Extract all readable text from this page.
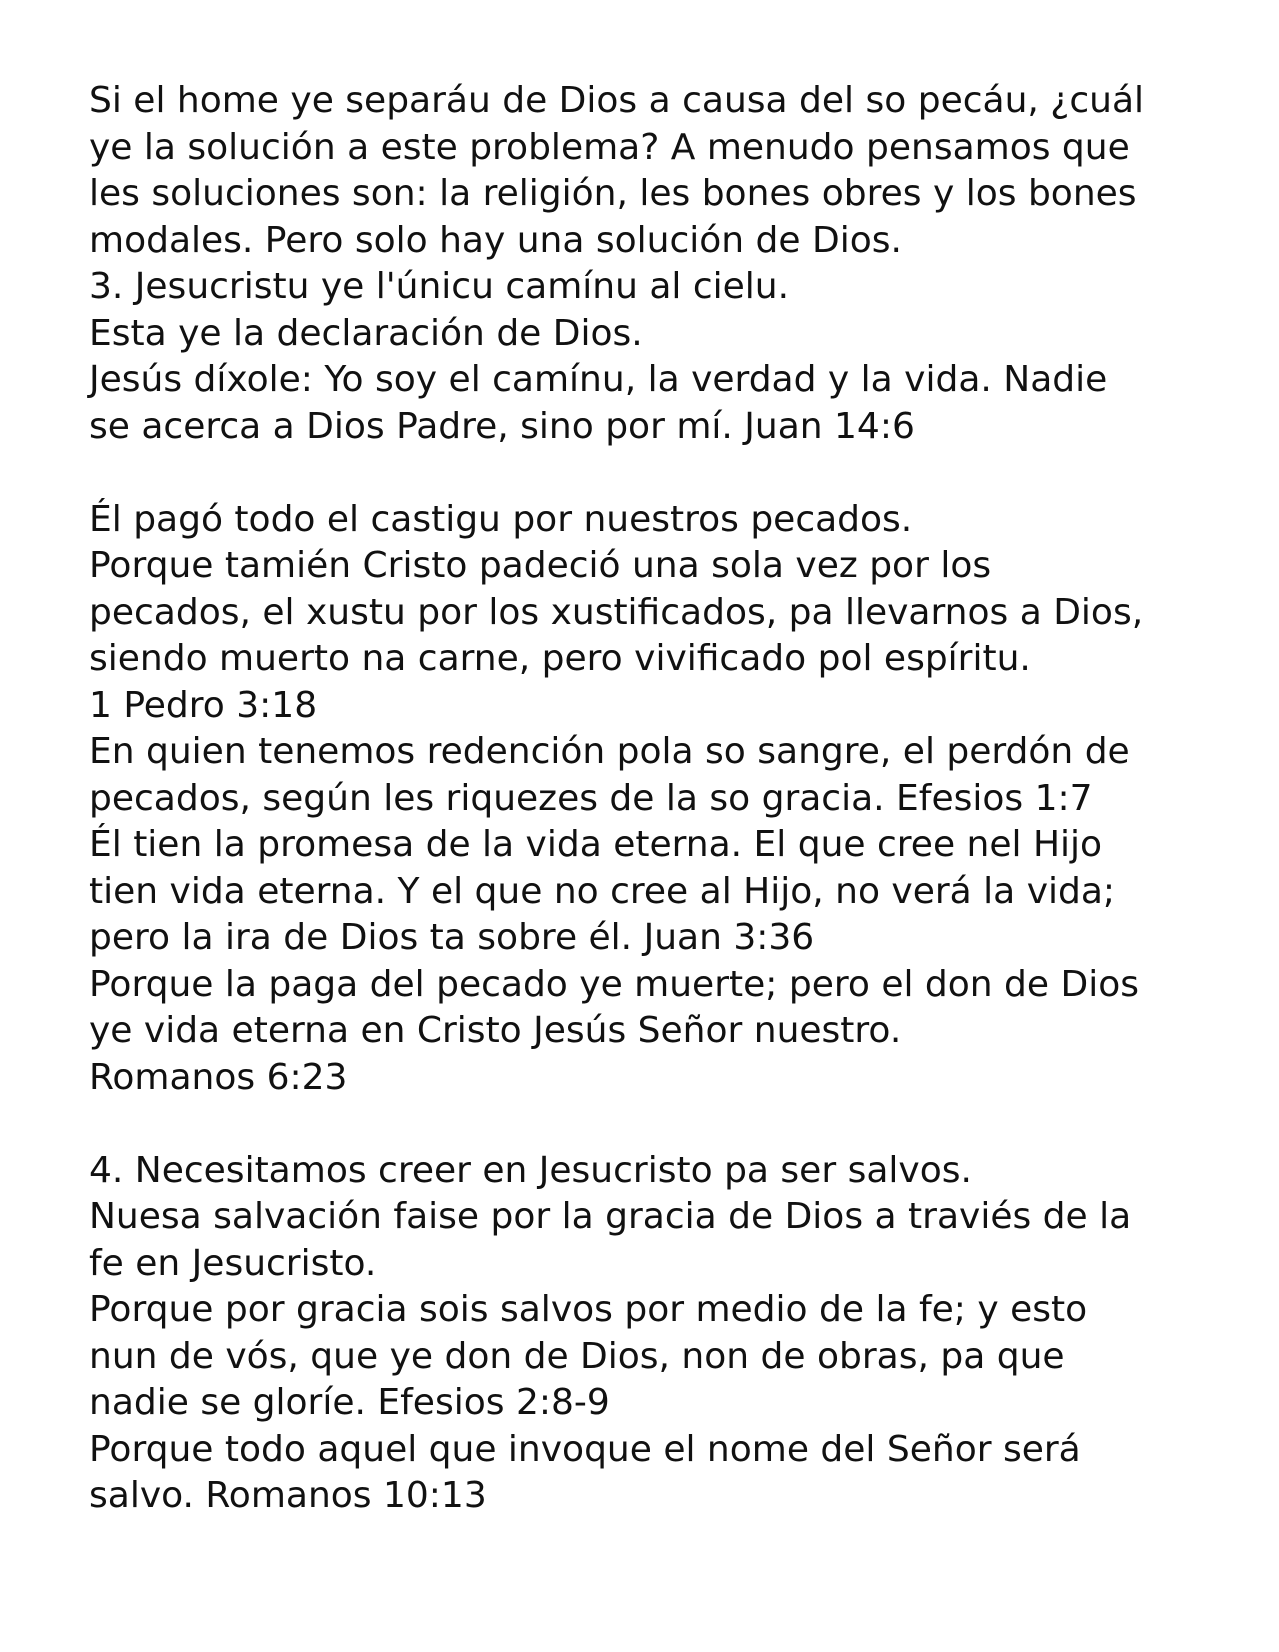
Si el home ye separáu de Dios a causa del so pecáu, ¿cuál
ye la solución a este problema? A menudo pensamos que
les soluciones son: la religión, les bones obres y los bones
modales. Pero solo hay una solución de Dios.
3. Jesucristu ye l'únicu camínu al cielu.
Esta ye la declaración de Dios.
Jesús díxole: Yo soy el camínu, la verdad y la vida. Nadie
se acerca a Dios Padre, sino por mí. Juan 14:6
Él pagó todo el castigu por nuestros pecados.
Porque tamién Cristo padeció una sola vez por los
pecados, el xustu por los xustificados, pa llevarnos a Dios,
siendo muerto na carne, pero vivificado pol espíritu.
1 Pedro 3:18
En quien tenemos redención pola so sangre, el perdón de
pecados, según les riquezes de la so gracia. Efesios 1:7
Él tien la promesa de la vida eterna. El que cree nel Hijo
tien vida eterna. Y el que no cree al Hijo, no verá la vida;
pero la ira de Dios ta sobre él. Juan 3:36
Porque la paga del pecado ye muerte; pero el don de Dios
ye vida eterna en Cristo Jesús Señor nuestro.
Romanos 6:23
4. Necesitamos creer en Jesucristo pa ser salvos.
Nuesa salvación faise por la gracia de Dios a traviés de la
fe en Jesucristo.
Porque por gracia sois salvos por medio de la fe; y esto
nun de vós, que ye don de Dios, non de obras, pa que
nadie se gloríe. Efesios 2:8-9
Porque todo aquel que invoque el nome del Señor será
salvo. Romanos 10:13
